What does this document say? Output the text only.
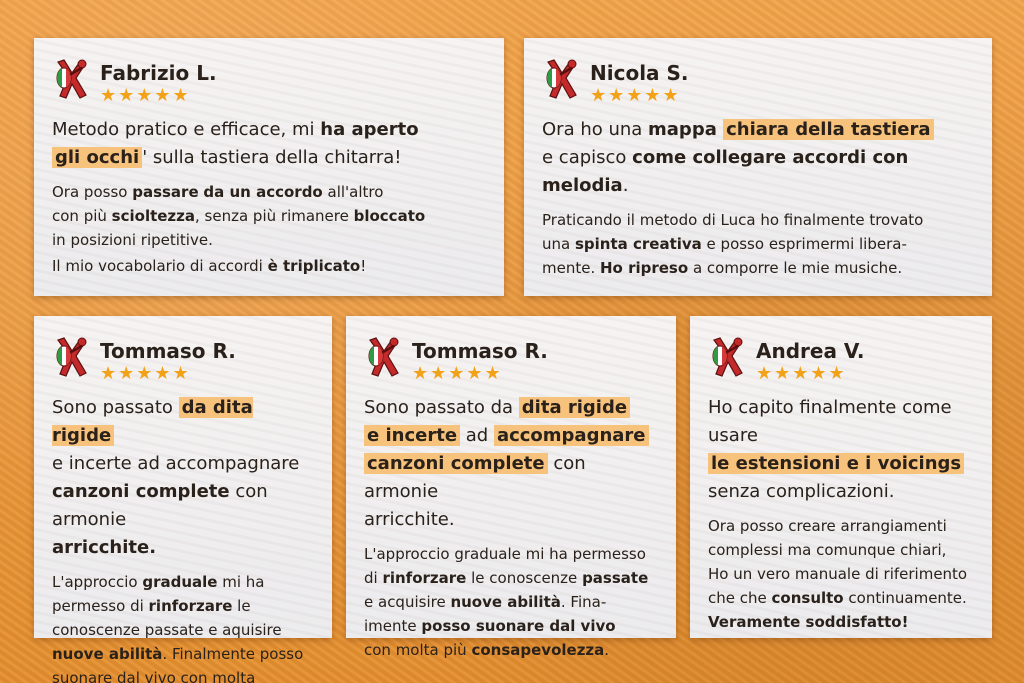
Fabrizio L.
★★★★★

Metodo pratico e efficace, mi ha aperto
gli occhi ' sulla tastiera della chitarra!

Ora posso passare da un accordo all'altro
con più scioltezza, senza più rimanere bloccato
in posizioni ripetitive.

Il mio vocabolario di accordi è triplicato!

Nicola S.
★★★★★

Ora ho una mappa chiara della tastiera
e capisco come collegare accordi con melodia.

Praticando il metodo di Luca ho finalmente trovato
una spinta creativa e posso esprimermi libera-
mente. Ho ripreso a comporre le mie musiche.

Tommaso R.
★★★★★

Sono passato da dita rigide
e incerte ad accompagnare
canzoni complete con armonie
arricchite.

L'approccio graduale mi ha
permesso di rinforzare le
conoscenze passate e aquisire
nuove abilità. Finalmente posso
suonare dal vivo con molta

Tommaso R.
★★★★★

Sono passato da dita rigide
e incerte ad accompagnare
canzoni complete con armonie
arricchite.

L'approccio graduale mi ha permesso
di rinforzare le conoscenze passate
e acquisire nuove abilità. Fina-
imente posso suonare dal vivo
con molta più consapevolezza.

Andrea V.
★★★★★

Ho capito finalmente come usare
le estensioni e i voicings
senza complicazioni.

Ora posso creare arrangiamenti
complessi ma comunque chiari,
Ho un vero manuale di riferimento
che che consulto continuamente.
Veramente soddisfatto!
